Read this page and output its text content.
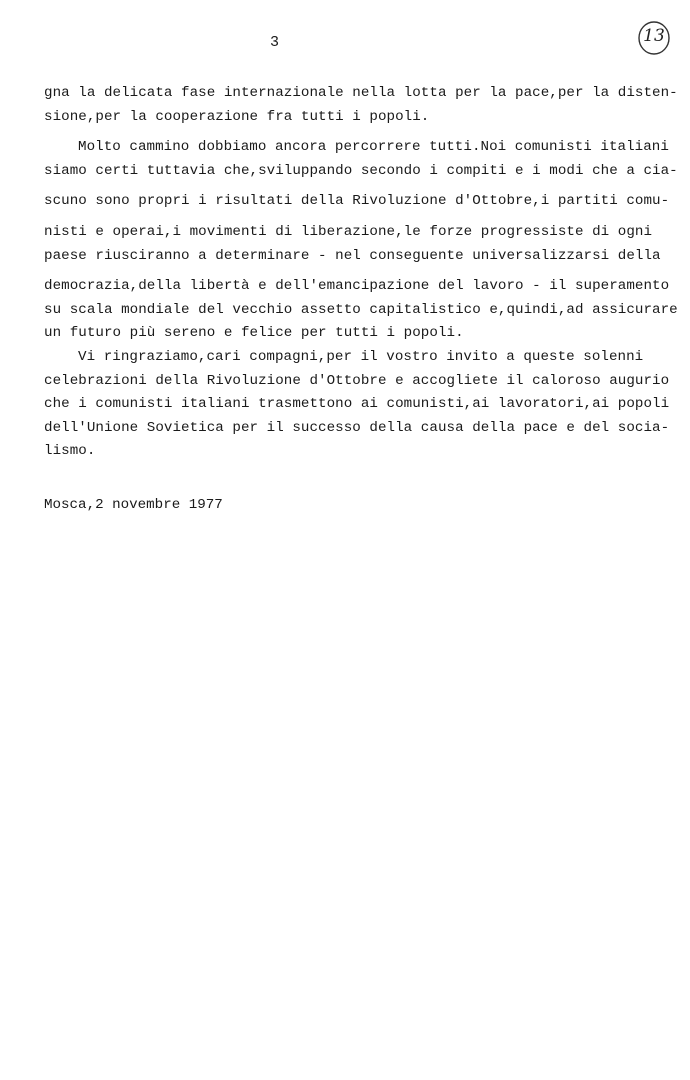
3	13
gna la delicata fase internazionale nella lotta per la pace,per la disten-
sione,per la cooperazione fra tutti i popoli.
Molto cammino dobbiamo ancora percorrere tutti.Noi comunisti italiani
siamo certi tuttavia che,sviluppando secondo i compiti e i modi che a cia-
scuno sono propri i risultati della Rivoluzione d'Ottobre,i partiti comu-
nisti e operai,i movimenti di liberazione,le forze progressiste di ogni
paese riusciranno a determinare - nel conseguente universalizzarsi della
democrazia,della libertà e dell'emancipazione del lavoro - il superamento
su scala mondiale del vecchio assetto capitalistico e,quindi,ad assicurare
un futuro più sereno e felice per tutti i popoli.
Vi ringraziamo,cari compagni,per il vostro invito a queste solenni
celebrazioni della Rivoluzione d'Ottobre e accogliete il caloroso augurio
che i comunisti italiani trasmettono ai comunisti,ai lavoratori,ai popoli
dell'Unione Sovietica per il successo della causa della pace e del socia-
lismo.
Mosca,2 novembre 1977
